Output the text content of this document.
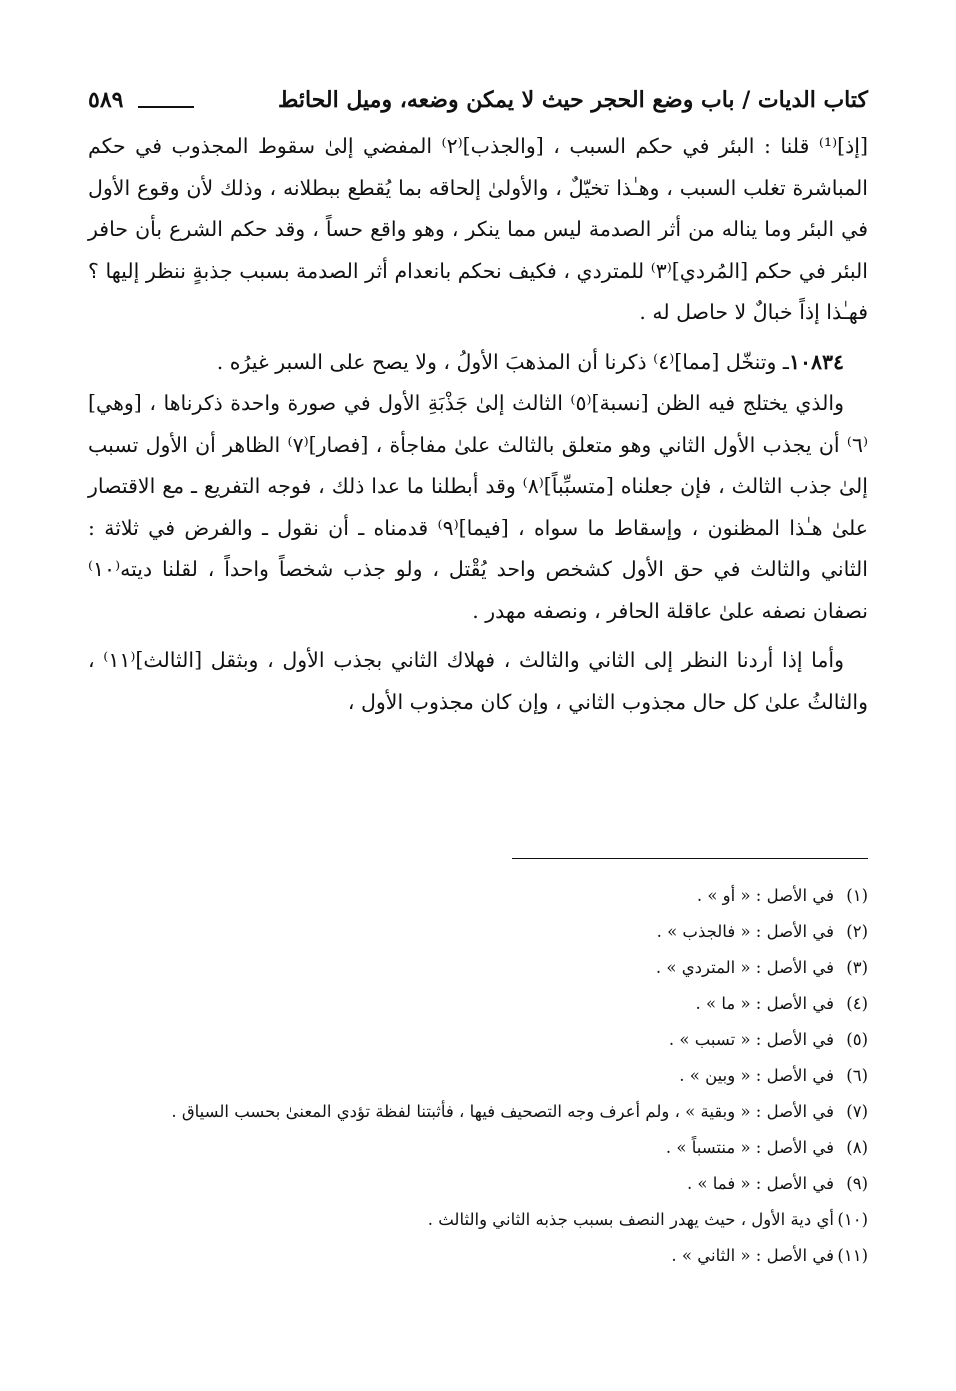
كتاب الديات / باب وضع الحجر حيث لا يمكن وضعه، وميل الحائط
٥٨٩

[إذ]⁽¹⁾ قلنا : البئر في حكم السبب ، [والجذب]⁽٢⁾ المفضي إلىٰ سقوط المجذوب في حكم المباشرة تغلب السبب ، وهـٰذا تخيّلٌ ، والأولىٰ إلحاقه بما يُقطع ببطلانه ، وذلك لأن وقوع الأول في البئر وما يناله من أثر الصدمة ليس مما ينكر ، وهو واقع حساً ، وقد حكم الشرع بأن حافر البئر في حكم [المُردي]⁽٣⁾ للمتردي ، فكيف نحكم بانعدام أثر الصدمة بسبب جذبةٍ ننظر إليها ؟ فهـٰذا إذاً خبالٌ لا حاصل له .

١٠٨٣٤ـ وتنخّل [مما]⁽٤⁾ ذكرنا أن المذهبَ الأولُ ، ولا يصح على السبر غيرُه .

والذي يختلج فيه الظن [نسبة]⁽٥⁾ الثالث إلىٰ جَذْبَةِ الأول في صورة واحدة ذكرناها ، [وهي]⁽٦⁾ أن يجذب الأول الثاني وهو متعلق بالثالث علىٰ مفاجأة ، [فصار]⁽٧⁾ الظاهر أن الأول تسبب إلىٰ جذب الثالث ، فإن جعلناه [متسبِّباً]⁽٨⁾ وقد أبطلنا ما عدا ذلك ، فوجه التفريع ـ مع الاقتصار علىٰ هـٰذا المظنون ، وإسقاط ما سواه ، [فيما]⁽٩⁾ قدمناه ـ أن نقول ـ والفرض في ثلاثة : الثاني والثالث في حق الأول كشخص واحد يُقْتل ، ولو جذب شخصاً واحداً ، لقلنا ديته⁽١٠⁾ نصفان نصفه علىٰ عاقلة الحافر ، ونصفه مهدر .

وأما إذا أردنا النظر إلى الثاني والثالث ، فهلاك الثاني بجذب الأول ، وبثقل [الثالث]⁽١١⁾ ، والثالثُ علىٰ كل حال مجذوب الثاني ، وإن كان مجذوب الأول ،

(١)
في الأصل : « أو » .
(٢)
في الأصل : « فالجذب » .
(٣)
في الأصل : « المتردي » .
(٤)
في الأصل : « ما » .
(٥)
في الأصل : « تسبب » .
(٦)
في الأصل : « وبين » .
(٧)
في الأصل : « وبقية » ، ولم أعرف وجه التصحيف فيها ، فأثبتنا لفظة تؤدي المعنىٰ بحسب السياق .
(٨)
في الأصل : « منتسباً » .
(٩)
في الأصل : « فما » .
(١٠)
أي دية الأول ، حيث يهدر النصف بسبب جذبه الثاني والثالث .
(١١)
في الأصل : « الثاني » .
